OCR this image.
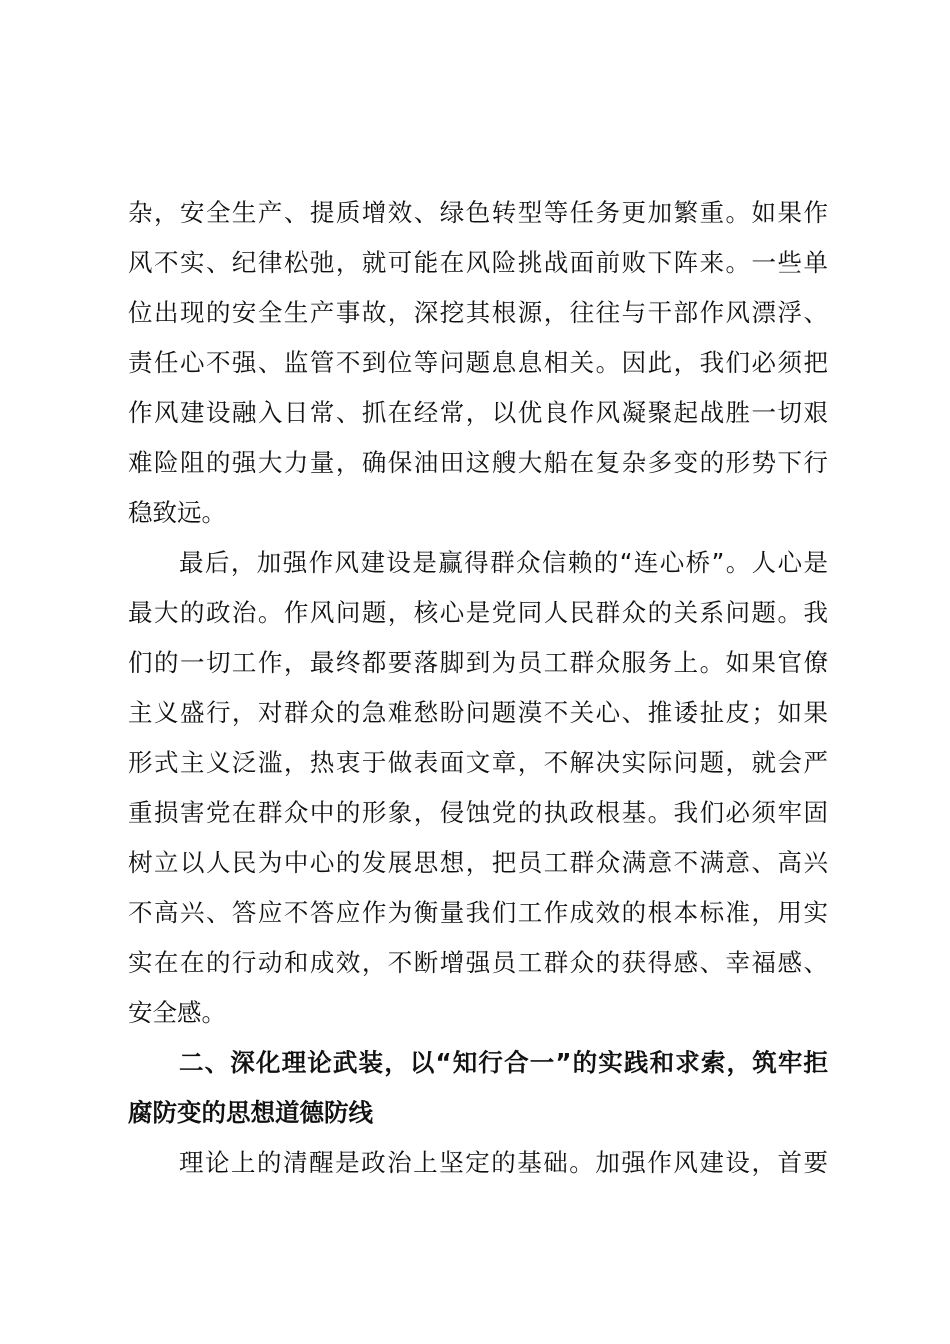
杂，安全生产、提质增效、绿色转型等任务更加繁重。如果作
风不实、纪律松弛，就可能在风险挑战面前败下阵来。一些单
位出现的安全生产事故，深挖其根源，往往与干部作风漂浮、
责任心不强、监管不到位等问题息息相关。因此，我们必须把
作风建设融入日常、抓在经常，以优良作风凝聚起战胜一切艰
难险阻的强大力量，确保油田这艘大船在复杂多变的形势下行
稳致远。
最后，加强作风建设是赢得群众信赖的“连心桥”。人心是
最大的政治。作风问题，核心是党同人民群众的关系问题。我
们的一切工作，最终都要落脚到为员工群众服务上。如果官僚
主义盛行，对群众的急难愁盼问题漠不关心、推诿扯皮；如果
形式主义泛滥，热衷于做表面文章，不解决实际问题，就会严
重损害党在群众中的形象，侵蚀党的执政根基。我们必须牢固
树立以人民为中心的发展思想，把员工群众满意不满意、高兴
不高兴、答应不答应作为衡量我们工作成效的根本标准，用实
实在在的行动和成效，不断增强员工群众的获得感、幸福感、
安全感。
二、深化理论武装，以“知行合一”的实践和求索，筑牢拒
腐防变的思想道德防线
理论上的清醒是政治上坚定的基础。加强作风建设，首要
